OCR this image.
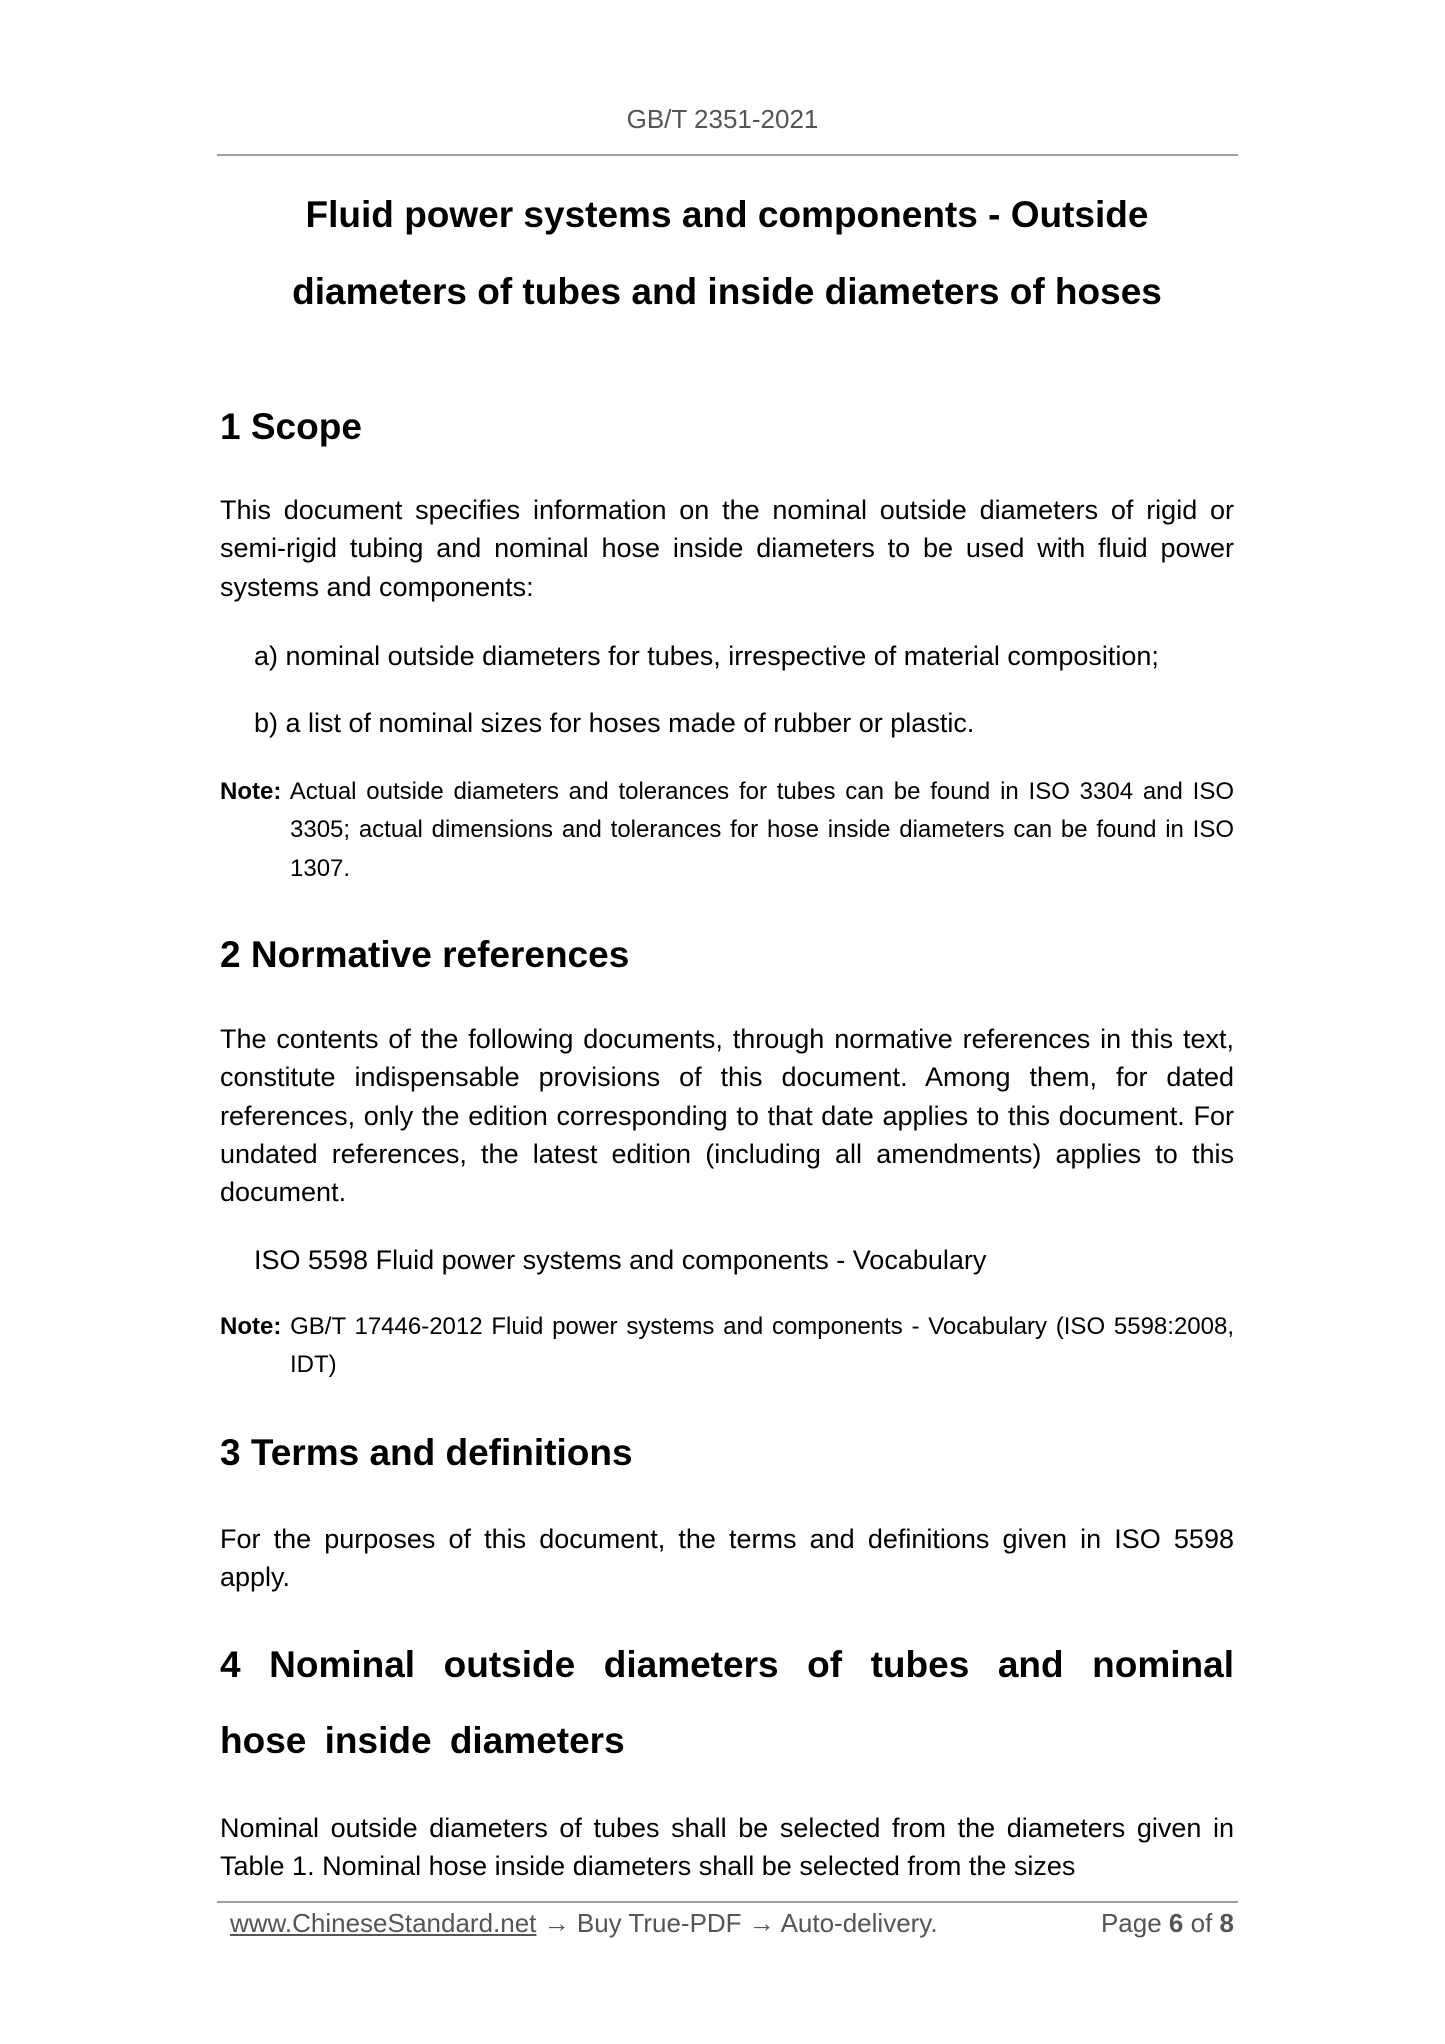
GB/T 2351-2021
Fluid power systems and components - Outside
diameters of tubes and inside diameters of hoses
1 Scope
This document specifies information on the nominal outside diameters of rigid or semi-rigid tubing and nominal hose inside diameters to be used with fluid power systems and components:
a) nominal outside diameters for tubes, irrespective of material composition;
b) a list of nominal sizes for hoses made of rubber or plastic.
Note: Actual outside diameters and tolerances for tubes can be found in ISO 3304 and ISO 3305; actual dimensions and tolerances for hose inside diameters can be found in ISO 1307.
2 Normative references
The contents of the following documents, through normative references in this text, constitute indispensable provisions of this document. Among them, for dated references, only the edition corresponding to that date applies to this document. For undated references, the latest edition (including all amendments) applies to this document.
ISO 5598 Fluid power systems and components - Vocabulary
Note: GB/T 17446-2012 Fluid power systems and components - Vocabulary (ISO 5598:2008, IDT)
3 Terms and definitions
For the purposes of this document, the terms and definitions given in ISO 5598 apply.
4 Nominal outside diameters of tubes and nominal hose inside diameters
Nominal outside diameters of tubes shall be selected from the diameters given in Table 1. Nominal hose inside diameters shall be selected from the sizes
www.ChineseStandard.net → Buy True-PDF → Auto-delivery.	Page 6 of 8
